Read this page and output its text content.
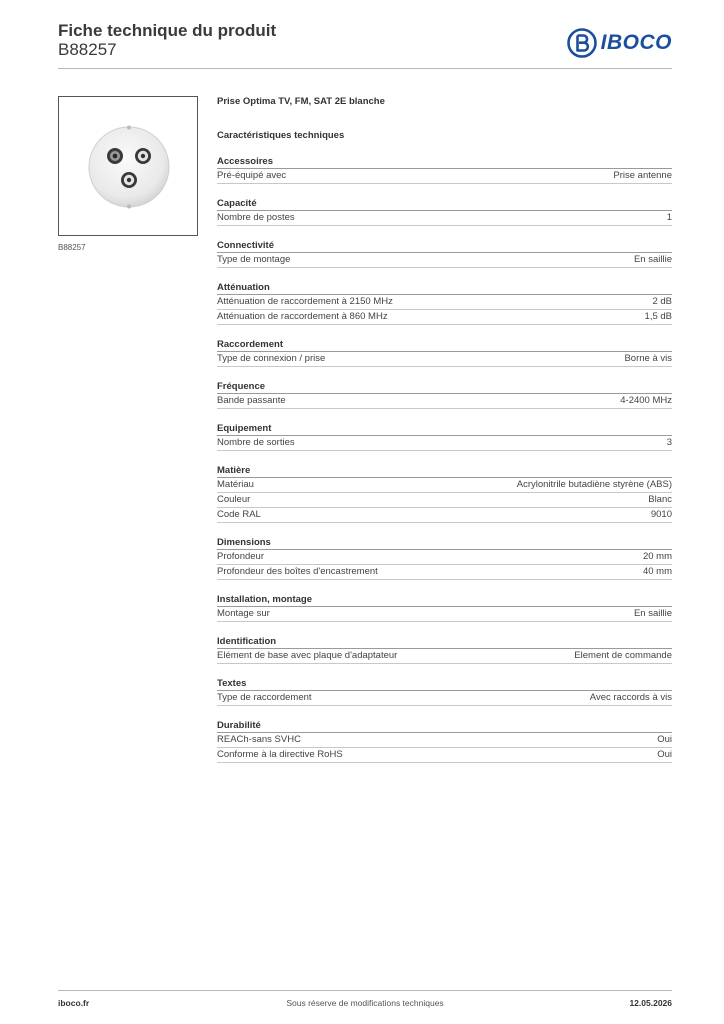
Fiche technique du produit
B88257	IBOCO
B88257
Prise Optima TV, FM, SAT 2E blanche
Caractéristiques techniques
Accessoires
Pré-équipé avec	Prise antenne
Capacité
Nombre de postes	1
Connectivité
Type de montage	En saillie
Atténuation
Atténuation de raccordement à 2150 MHz	2 dB
Atténuation de raccordement à 860 MHz	1,5 dB
Raccordement
Type de connexion / prise	Borne à vis
Fréquence
Bande passante	4-2400 MHz
Equipement
Nombre de sorties	3
Matière
Matériau	Acrylonitrile butadiène styrène (ABS)
Couleur	Blanc
Code RAL	9010
Dimensions
Profondeur	20 mm
Profondeur des boîtes d'encastrement	40 mm
Installation, montage
Montage sur	En saillie
Identification
Elément de base avec plaque d'adaptateur	Element de commande
Textes
Type de raccordement	Avec raccords à vis
Durabilité
REACh-sans SVHC	Oui
Conforme à la directive RoHS	Oui
iboco.fr	Sous réserve de modifications techniques	12.05.2026
